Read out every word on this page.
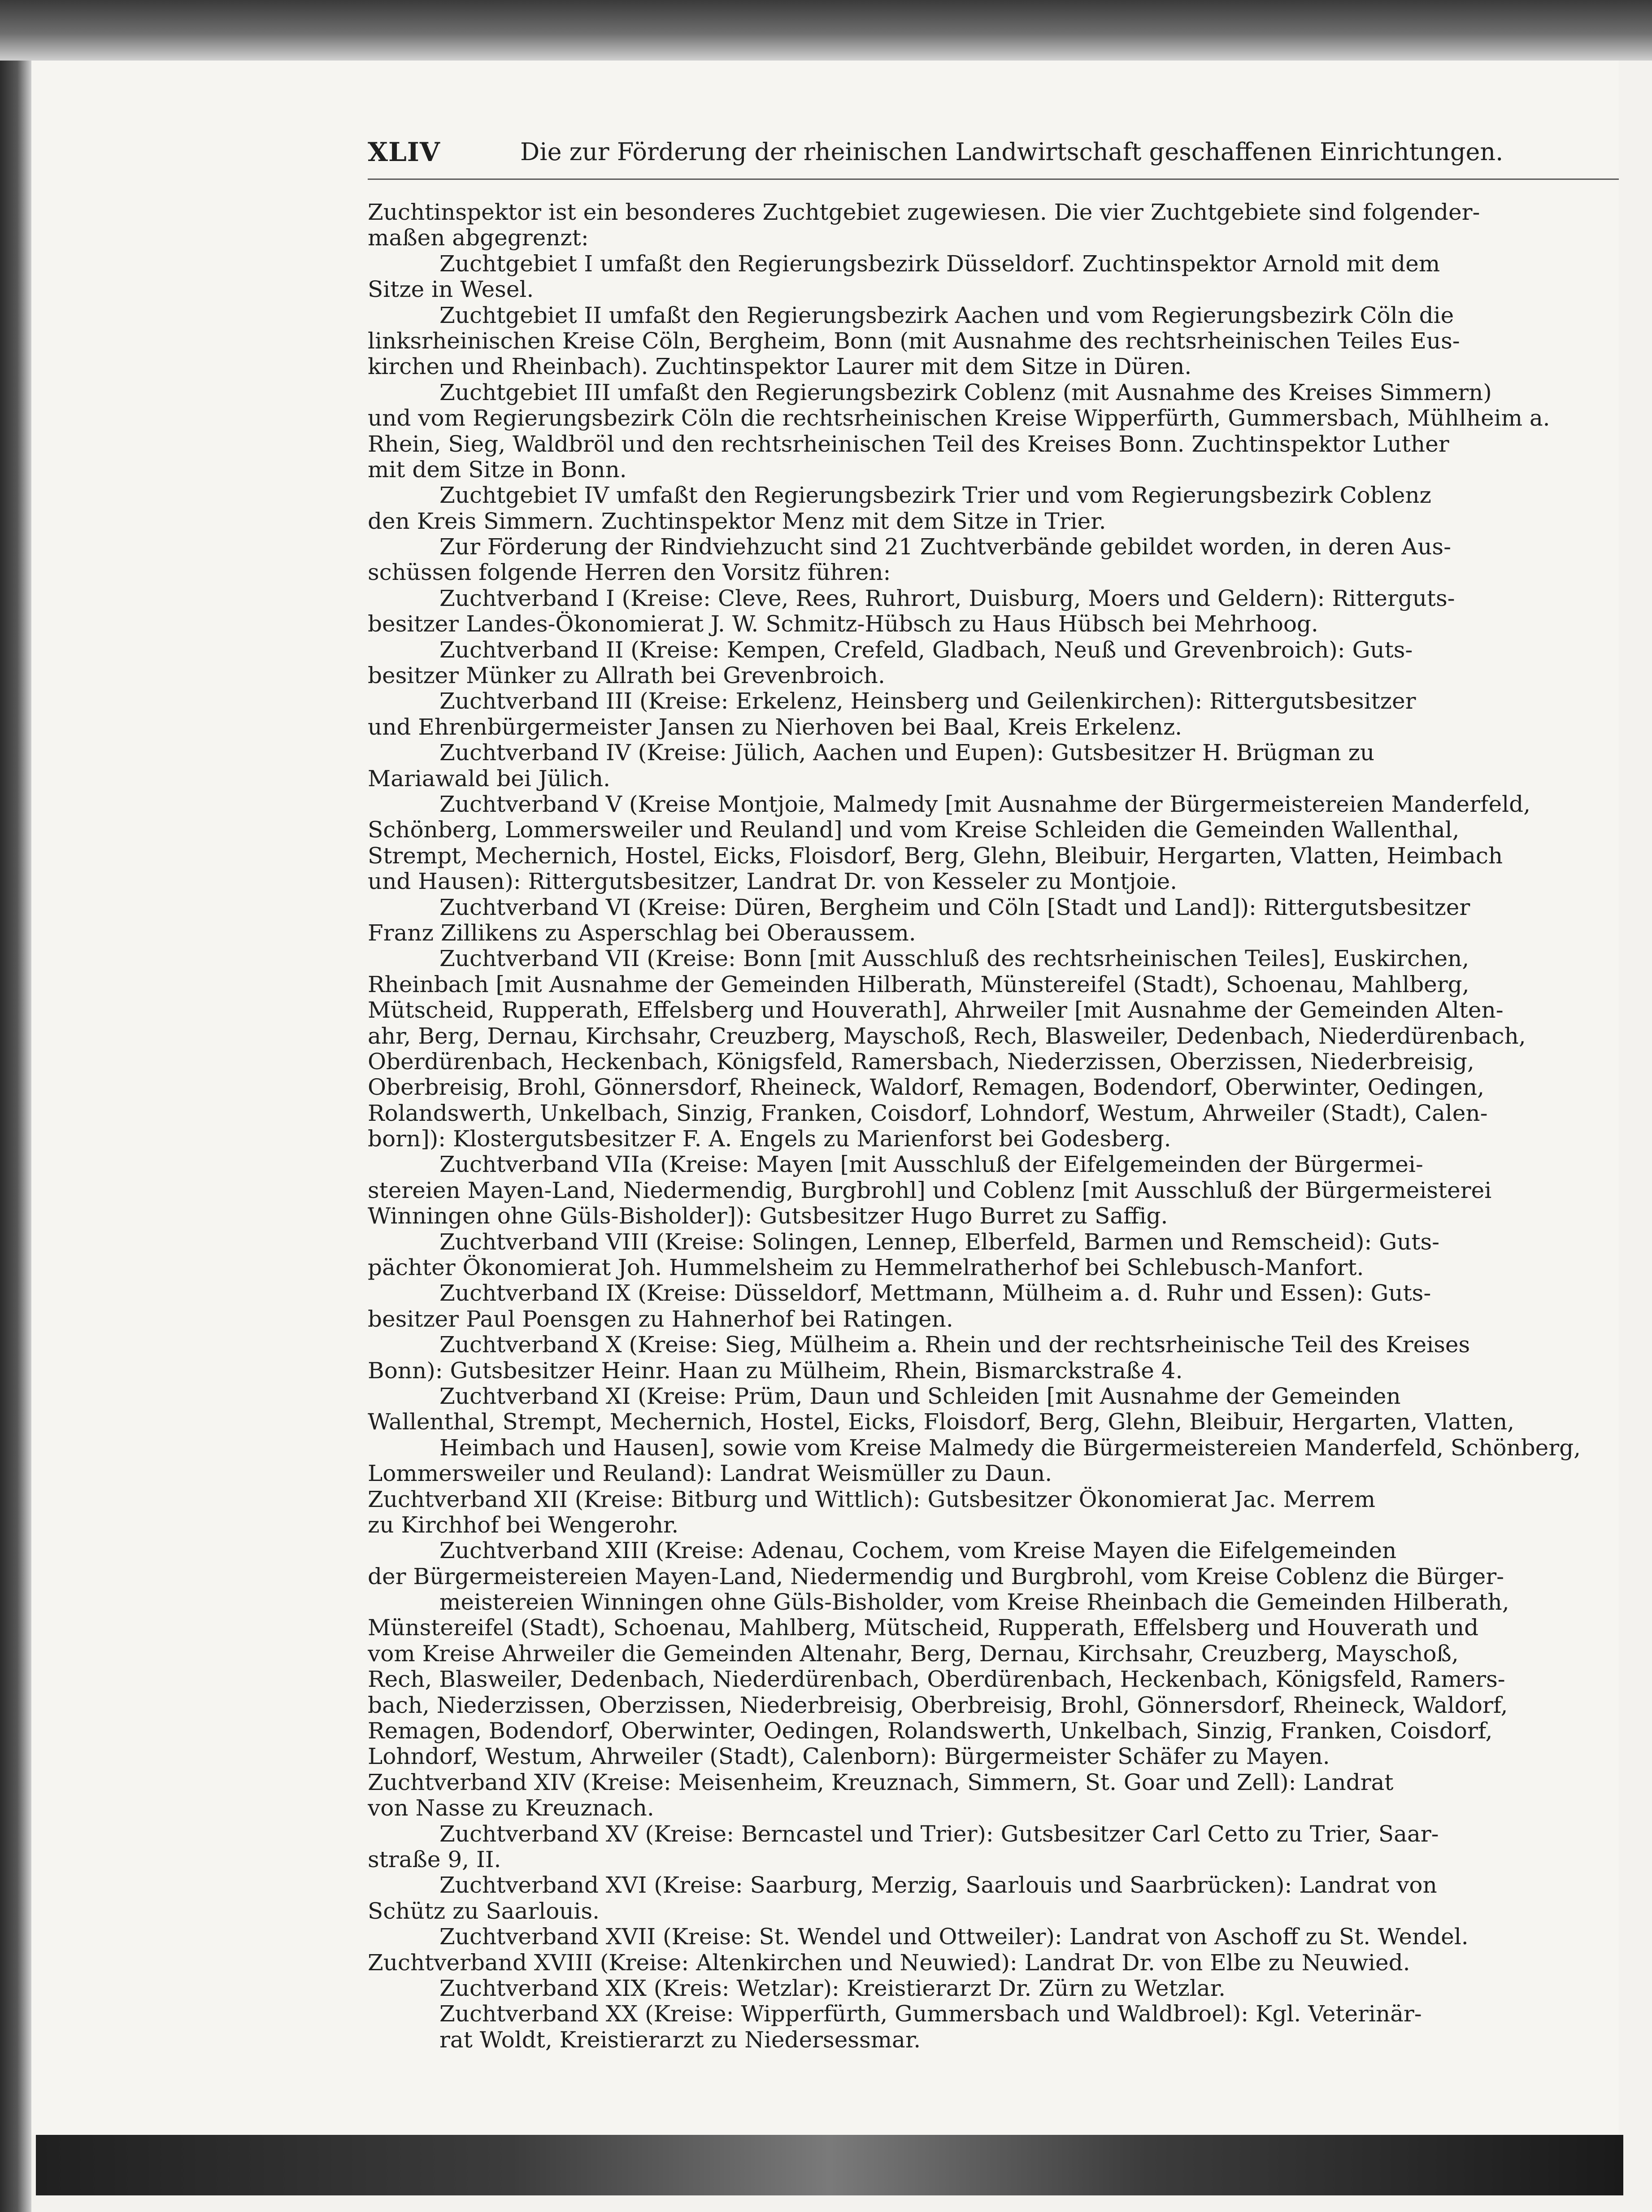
XLIV	Die zur Förderung der rheinischen Landwirtschaft geschaffenen Einrichtungen.
Zuchtinspektor ist ein besonderes Zuchtgebiet zugewiesen. Die vier Zuchtgebiete sind folgender-
maßen abgegrenzt:
Zuchtgebiet I umfaßt den Regierungsbezirk Düsseldorf. Zuchtinspektor Arnold mit dem
Sitze in Wesel.
Zuchtgebiet II umfaßt den Regierungsbezirk Aachen und vom Regierungsbezirk Cöln die
linksrheinischen Kreise Cöln, Bergheim, Bonn (mit Ausnahme des rechtsrheinischen Teiles Eus-
kirchen und Rheinbach). Zuchtinspektor Laurer mit dem Sitze in Düren.
Zuchtgebiet III umfaßt den Regierungsbezirk Coblenz (mit Ausnahme des Kreises Simmern)
und vom Regierungsbezirk Cöln die rechtsrheinischen Kreise Wipperfürth, Gummersbach, Mühlheim a.
Rhein, Sieg, Waldbröl und den rechtsrheinischen Teil des Kreises Bonn. Zuchtinspektor Luther
mit dem Sitze in Bonn.
Zuchtgebiet IV umfaßt den Regierungsbezirk Trier und vom Regierungsbezirk Coblenz
den Kreis Simmern. Zuchtinspektor Menz mit dem Sitze in Trier.
Zur Förderung der Rindviehzucht sind 21 Zuchtverbände gebildet worden, in deren Aus-
schüssen folgende Herren den Vorsitz führen:
Zuchtverband I (Kreise: Cleve, Rees, Ruhrort, Duisburg, Moers und Geldern): Ritterguts-
besitzer Landes-Ökonomierat J. W. Schmitz-Hübsch zu Haus Hübsch bei Mehrhoog.
Zuchtverband II (Kreise: Kempen, Crefeld, Gladbach, Neuß und Grevenbroich): Guts-
besitzer Münker zu Allrath bei Grevenbroich.
Zuchtverband III (Kreise: Erkelenz, Heinsberg und Geilenkirchen): Rittergutsbesitzer
und Ehrenbürgermeister Jansen zu Nierhoven bei Baal, Kreis Erkelenz.
Zuchtverband IV (Kreise: Jülich, Aachen und Eupen): Gutsbesitzer H. Brügman zu
Mariawald bei Jülich.
Zuchtverband V (Kreise Montjoie, Malmedy [mit Ausnahme der Bürgermeistereien Manderfeld,
Schönberg, Lommersweiler und Reuland] und vom Kreise Schleiden die Gemeinden Wallenthal,
Strempt, Mechernich, Hostel, Eicks, Floisdorf, Berg, Glehn, Bleibuir, Hergarten, Vlatten, Heimbach
und Hausen): Rittergutsbesitzer, Landrat Dr. von Kesseler zu Montjoie.
Zuchtverband VI (Kreise: Düren, Bergheim und Cöln [Stadt und Land]): Rittergutsbesitzer
Franz Zillikens zu Asperschlag bei Oberaussem.
Zuchtverband VII (Kreise: Bonn [mit Ausschluß des rechtsrheinischen Teiles], Euskirchen,
Rheinbach [mit Ausnahme der Gemeinden Hilberath, Münstereifel (Stadt), Schoenau, Mahlberg,
Mütscheid, Rupperath, Effelsberg und Houverath], Ahrweiler [mit Ausnahme der Gemeinden Alten-
ahr, Berg, Dernau, Kirchsahr, Creuzberg, Mayschoß, Rech, Blasweiler, Dedenbach, Niederdürenbach,
Oberdürenbach, Heckenbach, Königsfeld, Ramersbach, Niederzissen, Oberzissen, Niederbreisig,
Oberbreisig, Brohl, Gönnersdorf, Rheineck, Waldorf, Remagen, Bodendorf, Oberwinter, Oedingen,
Rolandswerth, Unkelbach, Sinzig, Franken, Coisdorf, Lohndorf, Westum, Ahrweiler (Stadt), Calen-
born]): Klostergutsbesitzer F. A. Engels zu Marienforst bei Godesberg.
Zuchtverband VIIa (Kreise: Mayen [mit Ausschluß der Eifelgemeinden der Bürgermei-
stereien Mayen-Land, Niedermendig, Burgbrohl] und Coblenz [mit Ausschluß der Bürgermeisterei
Winningen ohne Güls-Bisholder]): Gutsbesitzer Hugo Burret zu Saffig.
Zuchtverband VIII (Kreise: Solingen, Lennep, Elberfeld, Barmen und Remscheid): Guts-
pächter Ökonomierat Joh. Hummelsheim zu Hemmelratherhof bei Schlebusch-Manfort.
Zuchtverband IX (Kreise: Düsseldorf, Mettmann, Mülheim a. d. Ruhr und Essen): Guts-
besitzer Paul Poensgen zu Hahnerhof bei Ratingen.
Zuchtverband X (Kreise: Sieg, Mülheim a. Rhein und der rechtsrheinische Teil des Kreises
Bonn): Gutsbesitzer Heinr. Haan zu Mülheim, Rhein, Bismarckstraße 4.
Zuchtverband XI (Kreise: Prüm, Daun und Schleiden [mit Ausnahme der Gemeinden
Wallenthal, Strempt, Mechernich, Hostel, Eicks, Floisdorf, Berg, Glehn, Bleibuir, Hergarten, Vlatten,
Heimbach und Hausen], sowie vom Kreise Malmedy die Bürgermeistereien Manderfeld, Schönberg,
Lommersweiler und Reuland): Landrat Weismüller zu Daun.
Zuchtverband XII (Kreise: Bitburg und Wittlich): Gutsbesitzer Ökonomierat Jac. Merrem
zu Kirchhof bei Wengerohr.
Zuchtverband XIII (Kreise: Adenau, Cochem, vom Kreise Mayen die Eifelgemeinden
der Bürgermeistereien Mayen-Land, Niedermendig und Burgbrohl, vom Kreise Coblenz die Bürger-
meistereien Winningen ohne Güls-Bisholder, vom Kreise Rheinbach die Gemeinden Hilberath,
Münstereifel (Stadt), Schoenau, Mahlberg, Mütscheid, Rupperath, Effelsberg und Houverath und
vom Kreise Ahrweiler die Gemeinden Altenahr, Berg, Dernau, Kirchsahr, Creuzberg, Mayschoß,
Rech, Blasweiler, Dedenbach, Niederdürenbach, Oberdürenbach, Heckenbach, Königsfeld, Ramers-
bach, Niederzissen, Oberzissen, Niederbreisig, Oberbreisig, Brohl, Gönnersdorf, Rheineck, Waldorf,
Remagen, Bodendorf, Oberwinter, Oedingen, Rolandswerth, Unkelbach, Sinzig, Franken, Coisdorf,
Lohndorf, Westum, Ahrweiler (Stadt), Calenborn): Bürgermeister Schäfer zu Mayen.
Zuchtverband XIV (Kreise: Meisenheim, Kreuznach, Simmern, St. Goar und Zell): Landrat
von Nasse zu Kreuznach.
Zuchtverband XV (Kreise: Berncastel und Trier): Gutsbesitzer Carl Cetto zu Trier, Saar-
straße 9, II.
Zuchtverband XVI (Kreise: Saarburg, Merzig, Saarlouis und Saarbrücken): Landrat von
Schütz zu Saarlouis.
Zuchtverband XVII (Kreise: St. Wendel und Ottweiler): Landrat von Aschoff zu St. Wendel.
Zuchtverband XVIII (Kreise: Altenkirchen und Neuwied): Landrat Dr. von Elbe zu Neuwied.
Zuchtverband XIX (Kreis: Wetzlar): Kreistierarzt Dr. Zürn zu Wetzlar.
Zuchtverband XX (Kreise: Wipperfürth, Gummersbach und Waldbroel): Kgl. Veterinär-
rat Woldt, Kreistierarzt zu Niedersessmar.
